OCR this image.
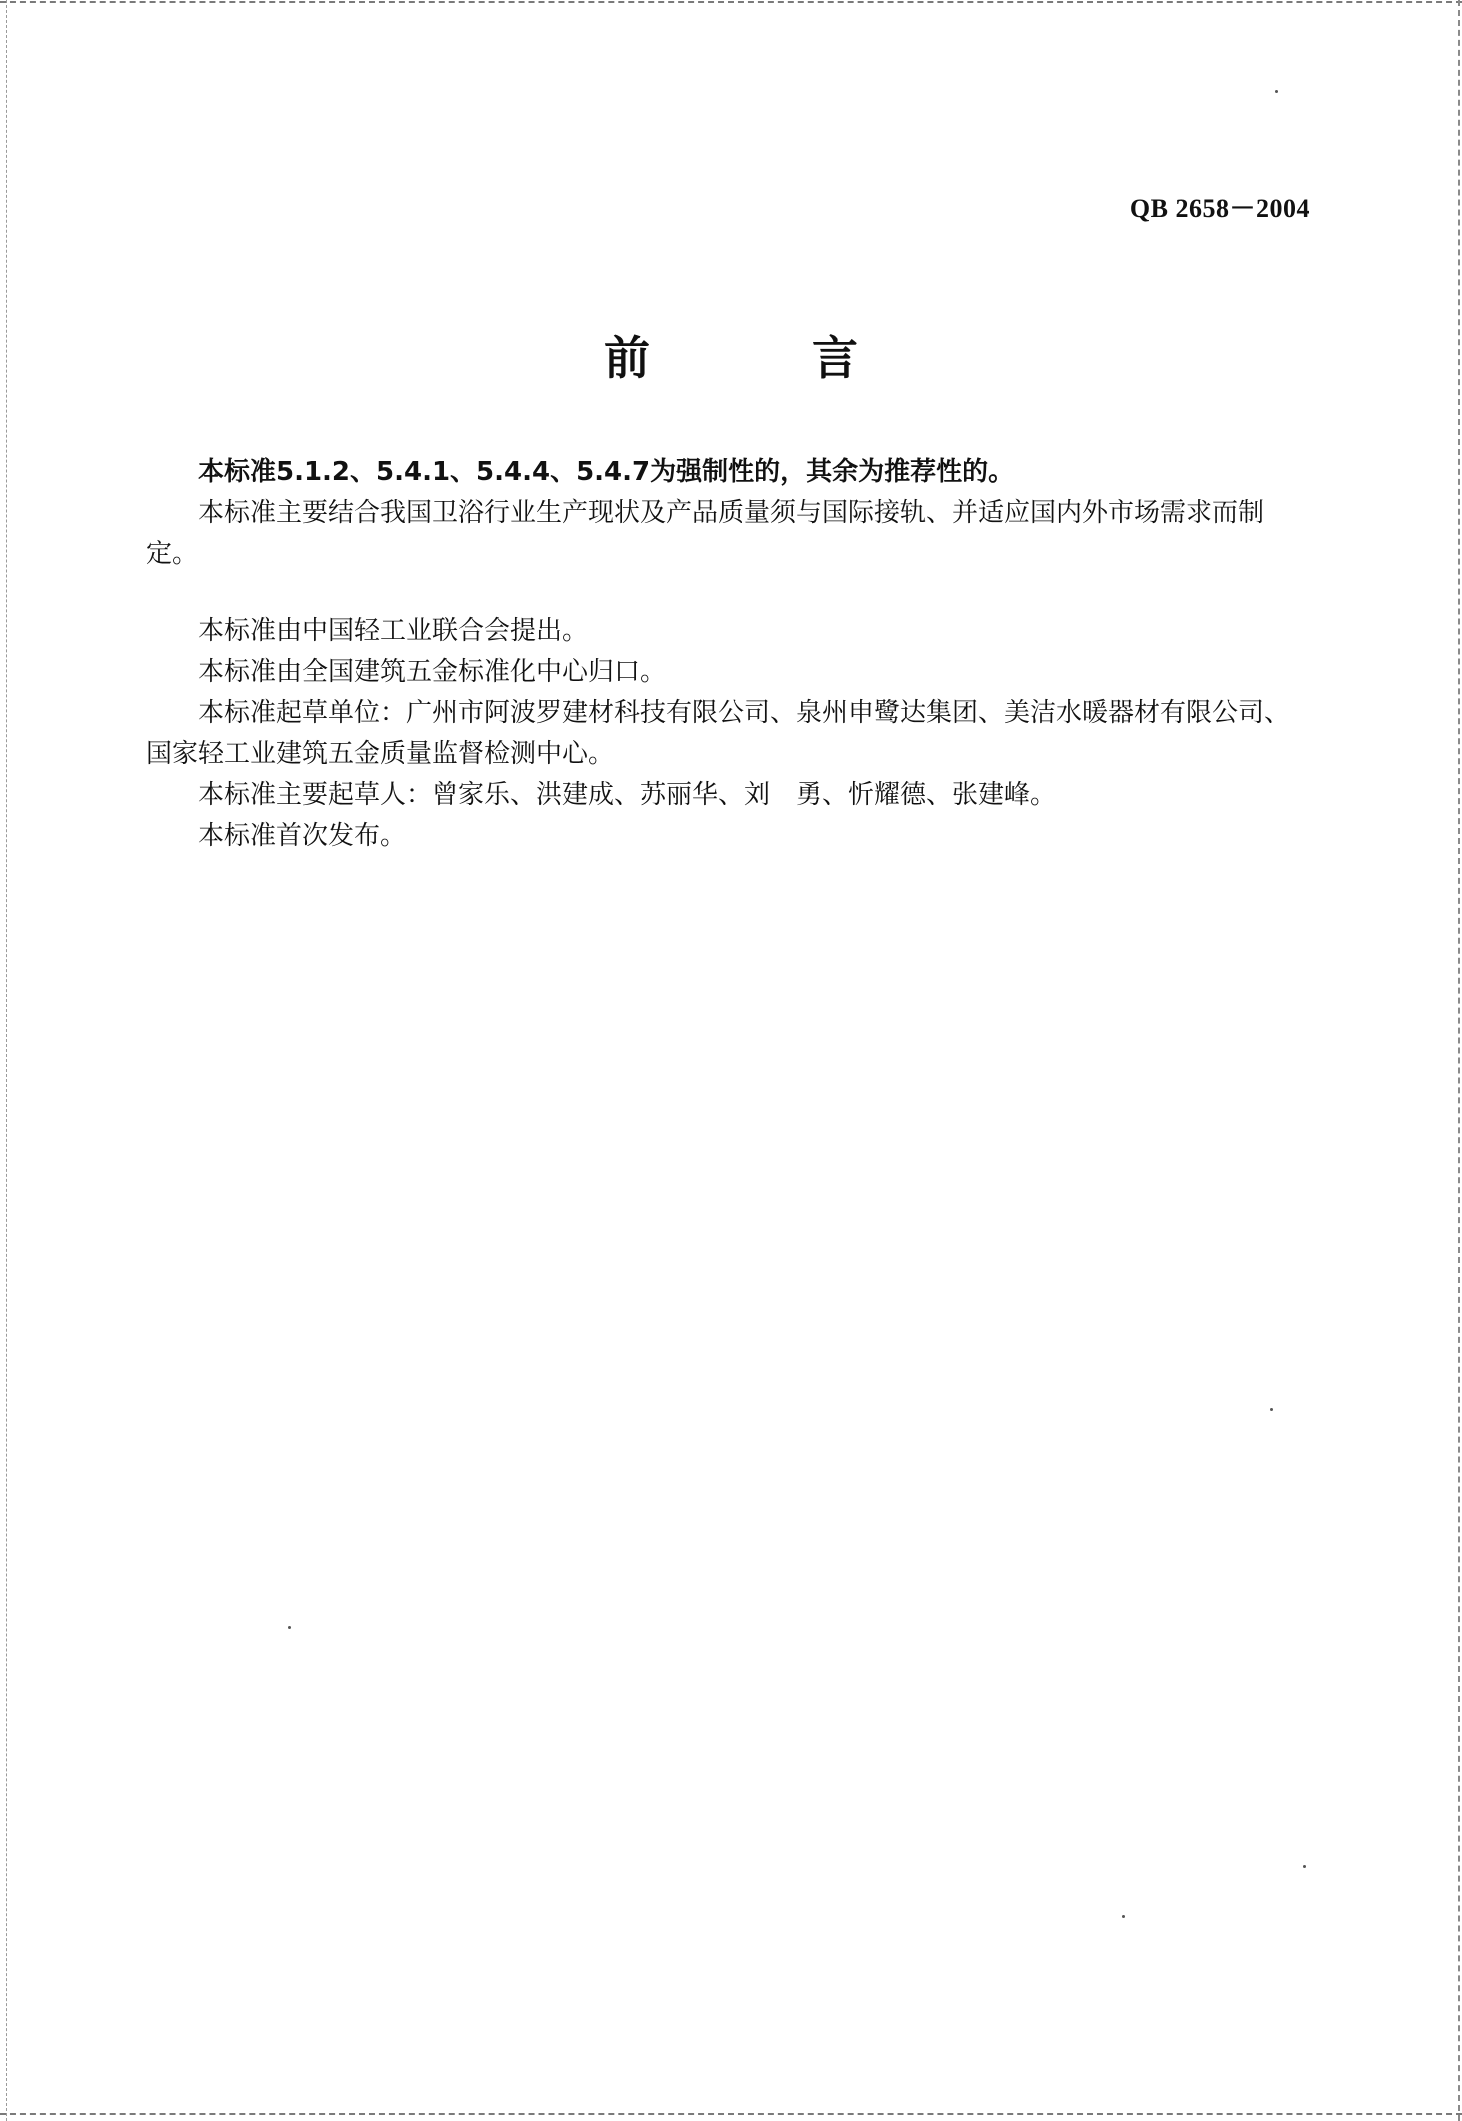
QB 2658－2004
前　言

本标准5.1.2、5.4.1、5.4.4、5.4.7为强制性的，其余为推荐性的。

本标准主要结合我国卫浴行业生产现状及产品质量须与国际接轨、并适应国内外市场需求而制定。

本标准由中国轻工业联合会提出。

本标准由全国建筑五金标准化中心归口。

本标准起草单位：广州市阿波罗建材科技有限公司、泉州申鹭达集团、美洁水暖器材有限公司、国家轻工业建筑五金质量监督检测中心。

本标准主要起草人：曾家乐、洪建成、苏丽华、刘　勇、忻耀德、张建峰。

本标准首次发布。
